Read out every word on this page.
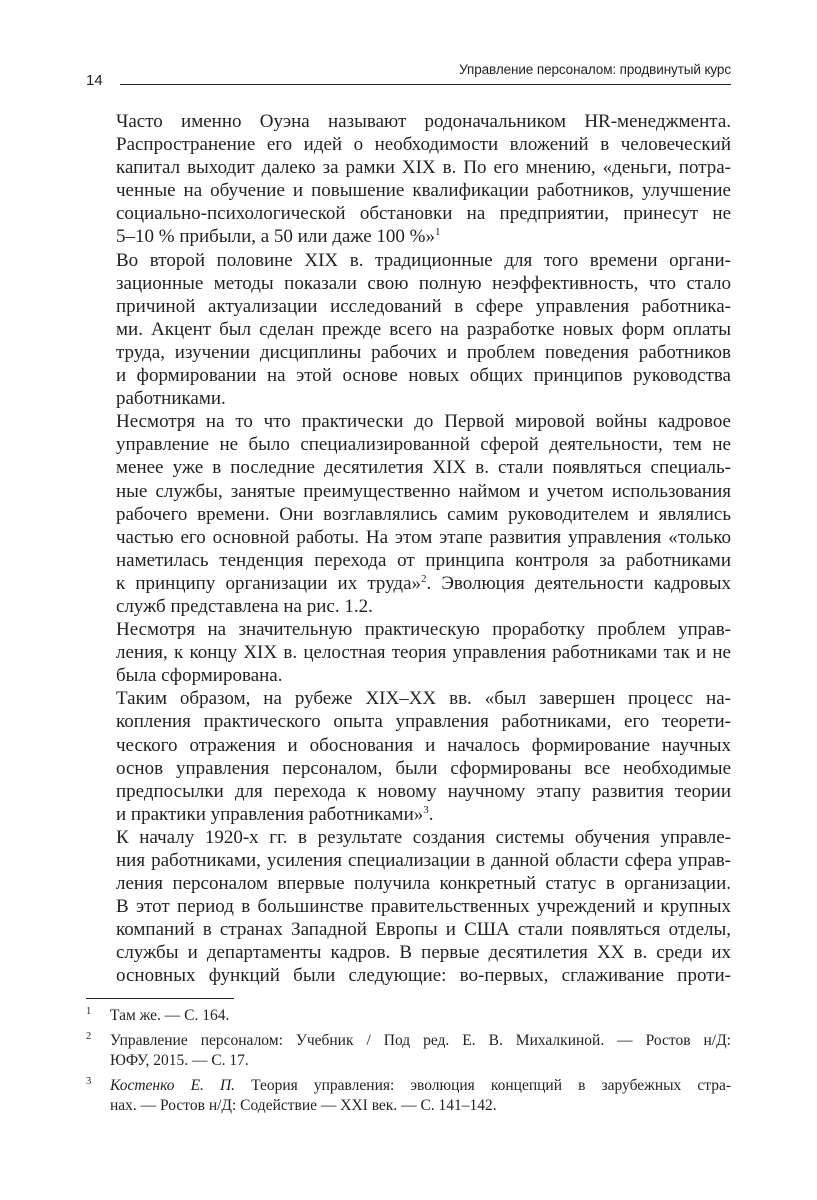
Управление персоналом: продвинутый курс
14

Часто именно Оуэна называют родоначальником HR-менеджмента.
Распространение его идей о необходимости вложений в человеческий
капитал выходит далеко за рамки XIX в. По его мнению, «деньги, потра-
ченные на обучение и повышение квалификации работников, улучшение
социально-психологической обстановки на предприятии, принесут не
5–10 % прибыли, а 50 или даже 100 %»$^1$

Во второй половине XIX в. традиционные для того времени органи-
зационные методы показали свою полную неэффективность, что стало
причиной актуализации исследований в сфере управления работника-
ми. Акцент был сделан прежде всего на разработке новых форм оплаты
труда, изучении дисциплины рабочих и проблем поведения работников
и формировании на этой основе новых общих принципов руководства
работниками.

Несмотря на то что практически до Первой мировой войны кадровое
управление не было специализированной сферой деятельности, тем не
менее уже в последние десятилетия XIX в. стали появляться специаль-
ные службы, занятые преимущественно наймом и учетом использования
рабочего времени. Они возглавлялись самим руководителем и являлись
частью его основной работы. На этом этапе развития управления «только
наметилась тенденция перехода от принципа контроля за работниками
к принципу организации их труда»$^2$. Эволюция деятельности кадровых
служб представлена на рис. 1.2.

Несмотря на значительную практическую проработку проблем управ-
ления, к концу XIX в. целостная теория управления работниками так и не
была сформирована.

Таким образом, на рубеже XIX–XX вв. «был завершен процесс на-
копления практического опыта управления работниками, его теорети-
ческого отражения и обоснования и началось формирование научных
основ управления персоналом, были сформированы все необходимые
предпосылки для перехода к новому научному этапу развития теории
и практики управления работниками»$^3$.

К началу 1920-х гг. в результате создания системы обучения управле-
ния работниками, усиления специализации в данной области сфера управ-
ления персоналом впервые получила конкретный статус в организации.
В этот период в большинстве правительственных учреждений и крупных
компаний в странах Западной Европы и США стали появляться отделы,
службы и департаменты кадров. В первые десятилетия XX в. среди их
основных функций были следующие: во-первых, сглаживание проти-

1 Там же. — С. 164.
2 Управление персоналом: Учебник / Под ред. Е. В. Михалкиной. — Ростов н/Д:
ЮФУ, 2015. — С. 17.
3 Костенко Е. П. Теория управления: эволюция концепций в зарубежных стра-
нах. — Ростов н/Д: Содействие — XXI век. — С. 141–142.
